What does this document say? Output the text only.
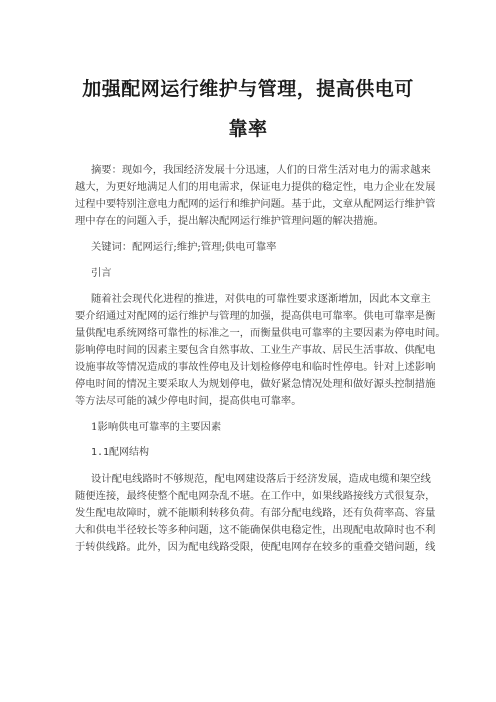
加强配网运行维护与管理，提高供电可
靠率
摘要：现如今，我国经济发展十分迅速，人们的日常生活对电力的需求越来
越大，为更好地满足人们的用电需求，保证电力提供的稳定性，电力企业在发展
过程中要特别注意电力配网的运行和维护问题。基于此，文章从配网运行维护管
理中存在的问题入手，提出解决配网运行维护管理问题的解决措施。
关键词：配网运行;维护;管理;供电可靠率
引言
随着社会现代化进程的推进，对供电的可靠性要求逐渐增加，因此本文章主
要介绍通过对配网的运行维护与管理的加强，提高供电可靠率。供电可靠率是衡
量供配电系统网络可靠性的标准之一，而衡量供电可靠率的主要因素为停电时间。
影响停电时间的因素主要包含自然事故、工业生产事故、居民生活事故、供配电
设施事故等情况造成的事故性停电及计划检修停电和临时性停电。针对上述影响
停电时间的情况主要采取人为规划停电，做好紧急情况处理和做好源头控制措施
等方法尽可能的减少停电时间，提高供电可靠率。
1影响供电可靠率的主要因素
1.1配网结构
设计配电线路时不够规范，配电网建设落后于经济发展，造成电缆和架空线
随便连接，最终使整个配电网杂乱不堪。在工作中，如果线路接线方式很复杂，
发生配电故障时，就不能顺利转移负荷。有部分配电线路，还有负荷率高、容量
大和供电半径较长等多种问题，这不能确保供电稳定性，出现配电故障时也不利
于转供线路。此外，因为配电线路受限，使配电网存在较多的重叠交错问题，线
